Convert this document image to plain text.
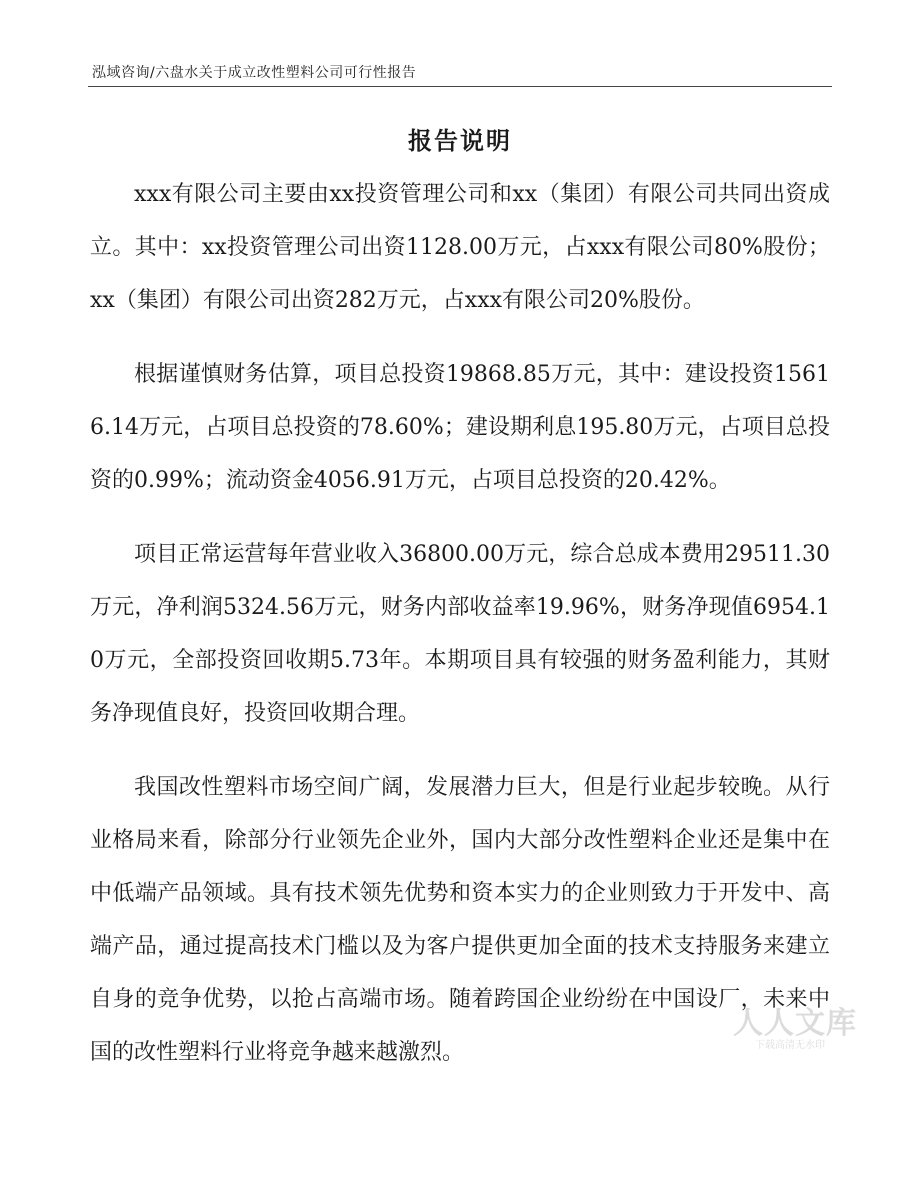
泓域咨询/六盘水关于成立改性塑料公司可行性报告
报告说明

xxx有限公司主要由xx投资管理公司和xx（集团）有限公司共同出资成立。其中：xx投资管理公司出资1128.00万元，占xxx有限公司80%股份；xx（集团）有限公司出资282万元，占xxx有限公司20%股份。

根据谨慎财务估算，项目总投资19868.85万元，其中：建设投资15616.14万元，占项目总投资的78.60%；建设期利息195.80万元，占项目总投资的0.99%；流动资金4056.91万元，占项目总投资的20.42%。

项目正常运营每年营业收入36800.00万元，综合总成本费用29511.30万元，净利润5324.56万元，财务内部收益率19.96%，财务净现值6954.10万元，全部投资回收期5.73年。本期项目具有较强的财务盈利能力，其财务净现值良好，投资回收期合理。

我国改性塑料市场空间广阔，发展潜力巨大，但是行业起步较晚。从行业格局来看，除部分行业领先企业外，国内大部分改性塑料企业还是集中在中低端产品领域。具有技术领先优势和资本实力的企业则致力于开发中、高端产品，通过提高技术门槛以及为客户提供更加全面的技术支持服务来建立自身的竞争优势，以抢占高端市场。随着跨国企业纷纷在中国设厂，未来中国的改性塑料行业将竞争越来越激烈。

人人文库
下载高清无水印
